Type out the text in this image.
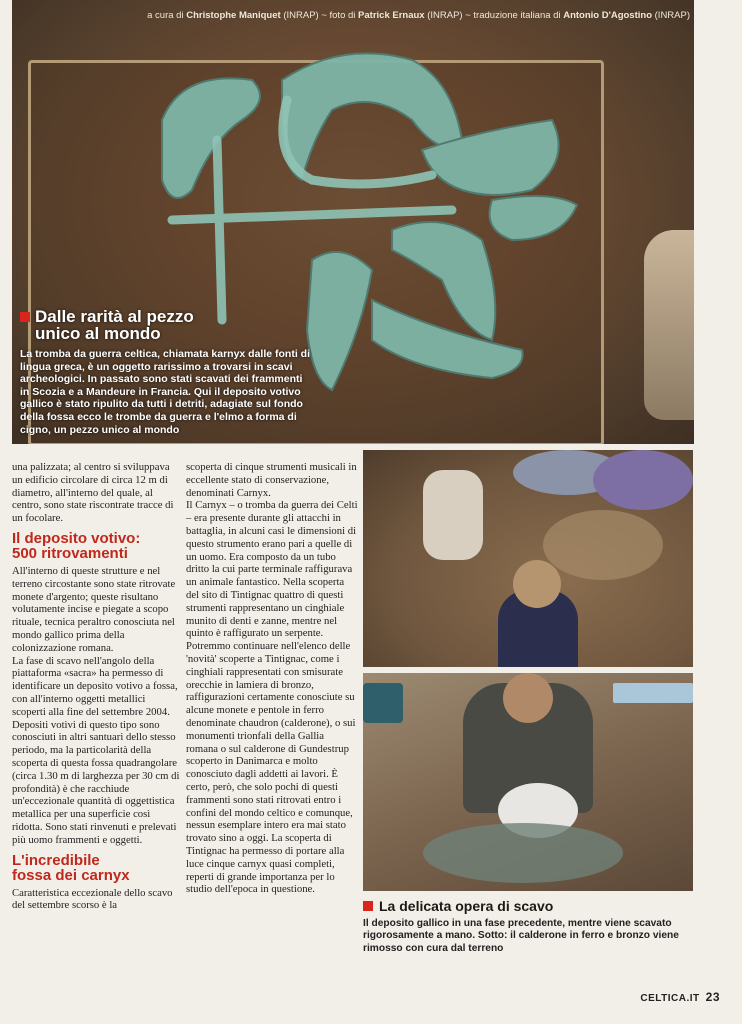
a cura di Christophe Maniquet (INRAP) ~ foto di Patrick Ernaux (INRAP) ~ traduzione italiana di Antonio D'Agostino (INRAP)
Dalle rarità al pezzo
unico al mondo

La tromba da guerra celtica, chiamata karnyx dalle fonti di lingua greca, è un oggetto rarissimo a trovarsi in scavi archeologici. In passato sono stati scavati dei frammenti in Scozia e a Mandeure in Francia. Qui il deposito votivo gallico è stato ripulito da tutti i detriti, adagiate sul fondo della fossa ecco le trombe da guerra e l'elmo a forma di cigno, un pezzo unico al mondo

una palizzata; al centro si sviluppava un edificio circolare di circa 12 m di diametro, all'interno del quale, al centro, sono state riscontrate tracce di un focolare.

Il deposito votivo:
500 ritrovamenti

All'interno di queste strutture e nel terreno circostante sono state ritrovate monete d'argento; queste risultano volutamente incise e piegate a scopo rituale, tecnica peraltro conosciuta nel mondo gallico prima della colonizzazione romana.

La fase di scavo nell'angolo della piattaforma «sacra» ha permesso di identificare un deposito votivo a fossa, con all'interno oggetti metallici scoperti alla fine del settembre 2004.

Depositi votivi di questo tipo sono conosciuti in altri santuari dello stesso periodo, ma la particolarità della scoperta di questa fossa quadrangolare (circa 1.30 m di larghezza per 30 cm di profondità) è che racchiude un'eccezionale quantità di oggettistica metallica per una superficie così ridotta. Sono stati rinvenuti e prelevati più uomo frammenti e oggetti.

L'incredibile
fossa dei carnyx

Caratteristica eccezionale dello scavo del settembre scorso è la

scoperta di cinque strumenti musicali in eccellente stato di conservazione, denominati Carnyx.

Il Carnyx – o tromba da guerra dei Celti – era presente durante gli attacchi in battaglia, in alcuni casi le dimensioni di questo strumento erano pari a quelle di un uomo. Era composto da un tubo dritto la cui parte terminale raffigurava un animale fantastico. Nella scoperta del sito di Tintignac quattro di questi strumenti rappresentano un cinghiale munito di denti e zanne, mentre nel quinto è raffigurato un serpente.

Potremmo continuare nell'elenco delle 'novità' scoperte a Tintignac, come i cinghiali rappresentati con smisurate orecchie in lamiera di bronzo, raffigurazioni certamente conosciute su alcune monete e pentole in ferro denominate chaudron (calderone), o sui monumenti trionfali della Gallia romana o sul calderone di Gundestrup scoperto in Danimarca e molto conosciuto dagli addetti ai lavori. È certo, però, che solo pochi di questi frammenti sono stati ritrovati entro i confini del mondo celtico e comunque, nessun esemplare intero era mai stato trovato sino a oggi. La scoperta di Tintignac ha permesso di portare alla luce cinque carnyx quasi completi, reperti di grande importanza per lo studio dell'epoca in questione.

La delicata opera di scavo

Il deposito gallico in una fase precedente, mentre viene scavato rigorosamente a mano. Sotto: il calderone in ferro e bronzo viene rimosso con cura dal terreno

CELTICA.IT 23
